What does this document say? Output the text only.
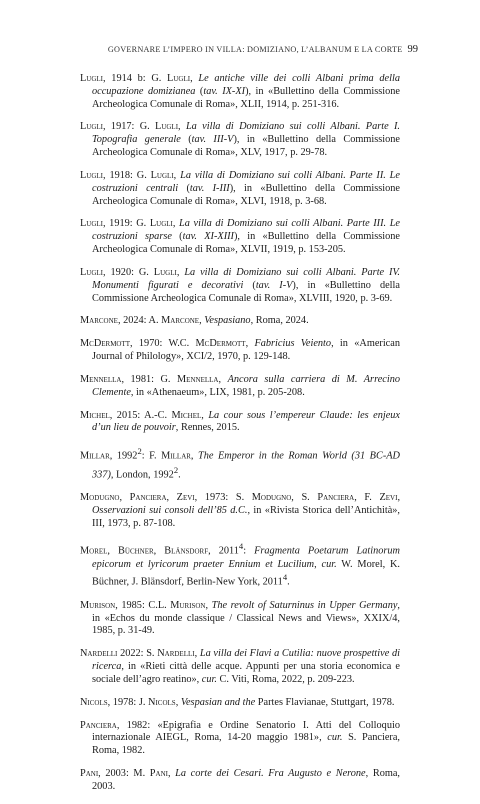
GOVERNARE L’IMPERO IN VILLA: DOMIZIANO, L’ALBANUM E LA CORTE 99
Lugli, 1914 b: G. Lugli, Le antiche ville dei colli Albani prima della occupazione domizianea (tav. IX-XI), in «Bullettino della Commissione Archeologica Comunale di Roma», XLII, 1914, p. 251-316.
Lugli, 1917: G. Lugli, La villa di Domiziano sui colli Albani. Parte I. Topografia generale (tav. III-V), in «Bullettino della Commissione Archeologica Comunale di Roma», XLV, 1917, p. 29-78.
Lugli, 1918: G. Lugli, La villa di Domiziano sui colli Albani. Parte II. Le costruzioni centrali (tav. I-III), in «Bullettino della Commissione Archeologica Comunale di Roma», XLVI, 1918, p. 3-68.
Lugli, 1919: G. Lugli, La villa di Domiziano sui colli Albani. Parte III. Le costruzioni sparse (tav. XI-XIII), in «Bullettino della Commissione Archeologica Comunale di Roma», XLVII, 1919, p. 153-205.
Lugli, 1920: G. Lugli, La villa di Domiziano sui colli Albani. Parte IV. Monumenti figurati e decorativi (tav. I-V), in «Bullettino della Commissione Archeologica Comunale di Roma», XLVIII, 1920, p. 3-69.
Marcone, 2024: A. Marcone, Vespasiano, Roma, 2024.
McDermott, 1970: W.C. McDermott, Fabricius Veiento, in «American Journal of Philology», XCI/2, 1970, p. 129-148.
Mennella, 1981: G. Mennella, Ancora sulla carriera di M. Arrecino Clemente, in «Athenaeum», LIX, 1981, p. 205-208.
Michel, 2015: A.-C. Michel, La cour sous l’empereur Claude: les enjeux d’un lieu de pouvoir, Rennes, 2015.
Millar, 1992$^2$: F. Millar, The Emperor in the Roman World (31 BC-AD 337), London, 1992$^2$.
Modugno, Panciera, Zevi, 1973: S. Modugno, S. Panciera, F. Zevi, Osservazioni sui consoli dell’85 d.C., in «Rivista Storica dell’Antichità», III, 1973, p. 87-108.
Morel, Büchner, Blänsdorf, 2011$^4$: Fragmenta Poetarum Latinorum epicorum et lyricorum praeter Ennium et Lucilium, cur. W. Morel, K. Büchner, J. Blänsdorf, Berlin-New York, 2011$^4$.
Murison, 1985: C.L. Murison, The revolt of Saturninus in Upper Germany, in «Echos du monde classique / Classical News and Views», XXIX/4, 1985, p. 31-49.
Nardelli 2022: S. Nardelli, La villa dei Flavi a Cutilia: nuove prospettive di ricerca, in «Rieti città delle acque. Appunti per una storia economica e sociale dell’agro reatino», cur. C. Viti, Roma, 2022, p. 209-223.
Nicols, 1978: J. Nicols, Vespasian and the Partes Flavianae, Stuttgart, 1978.
Panciera, 1982: «Epigrafia e Ordine Senatorio I. Atti del Colloquio internazionale AIEGL, Roma, 14-20 maggio 1981», cur. S. Panciera, Roma, 1982.
Pani, 2003: M. Pani, La corte dei Cesari. Fra Augusto e Nerone, Roma, 2003.
